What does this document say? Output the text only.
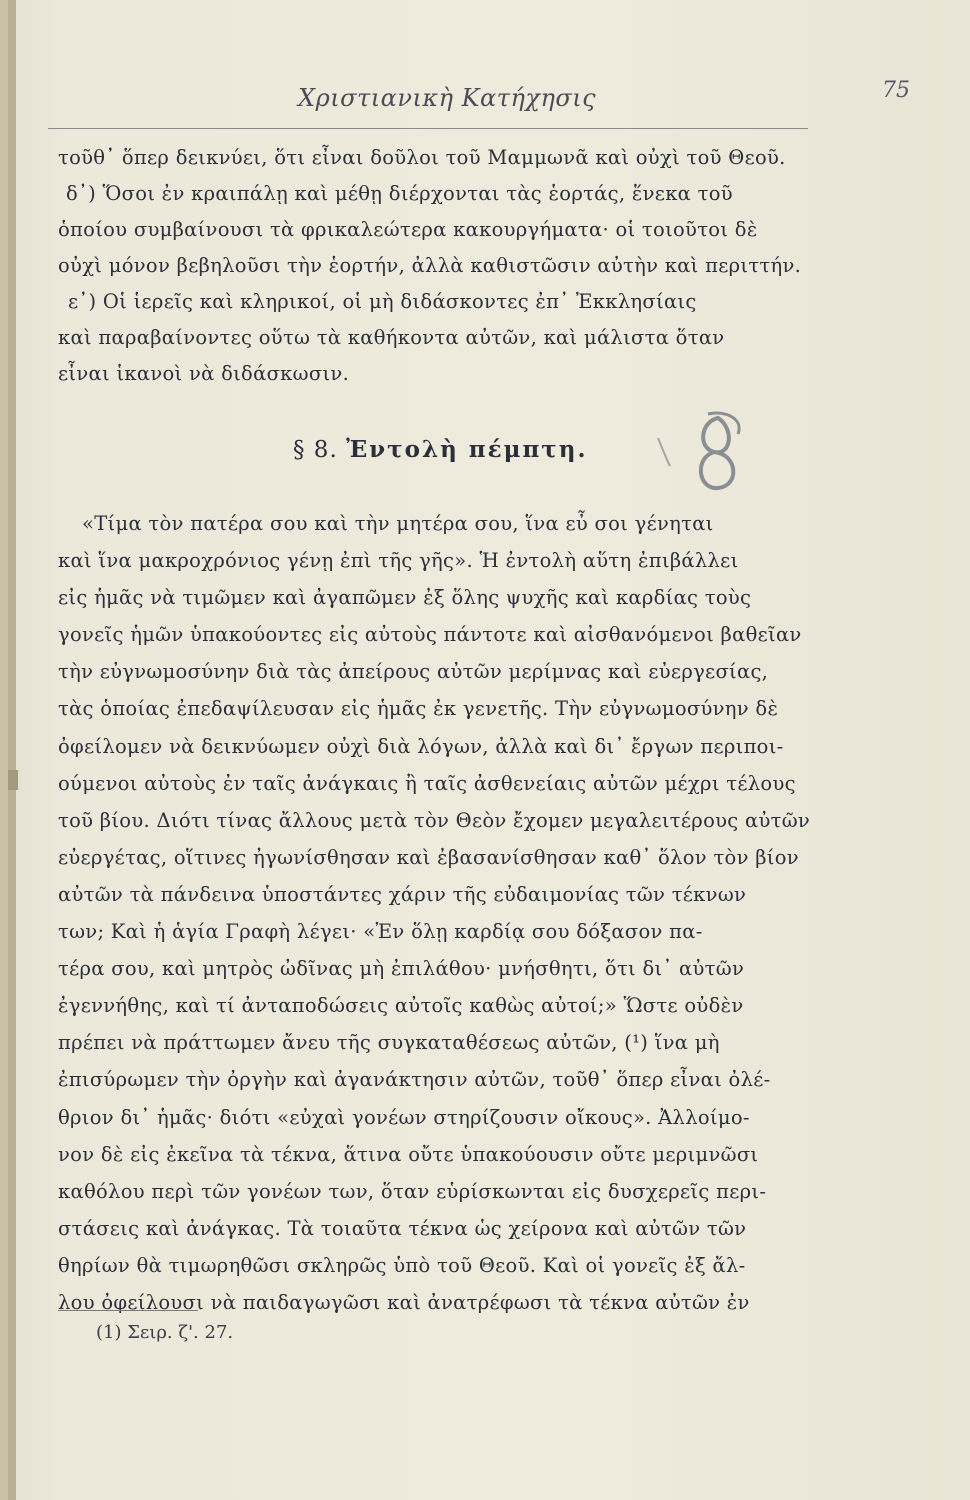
Χριστιανικὴ Κατήχησις	75

τοῦθ᾽ ὅπερ δεικνύει, ὅτι εἶναι δοῦλοι τοῦ Μαμμωνᾶ καὶ οὐχὶ τοῦ Θεοῦ.

δ᾽) Ὅσοι ἐν κραιπάλῃ καὶ μέθῃ διέρχονται τὰς ἑορτάς, ἕνεκα τοῦ

ὁποίου συμβαίνουσι τὰ φρικαλεώτερα κακουργήματα· οἱ τοιοῦτοι δὲ

οὐχὶ μόνον βεβηλοῦσι τὴν ἑορτήν, ἀλλὰ καθιστῶσιν αὐτὴν καὶ περιττήν.

ε᾽) Οἱ ἱερεῖς καὶ κληρικοί, οἱ μὴ διδάσκοντες ἐπ᾽ Ἐκκλησίαις

καὶ παραβαίνοντες οὕτω τὰ καθήκοντα αὐτῶν, καὶ μάλιστα ὅταν

εἶναι ἱκανοὶ νὰ διδάσκωσιν.

§ 8. Ἐντολὴ πέμπτη.

«Τίμα τὸν πατέρα σου καὶ τὴν μητέρα σου, ἵνα εὖ σοι γένηται

καὶ ἵνα μακροχρόνιος γένῃ ἐπὶ τῆς γῆς». Ἡ ἐντολὴ αὕτη ἐπιβάλλει

εἰς ἡμᾶς νὰ τιμῶμεν καὶ ἀγαπῶμεν ἐξ ὅλης ψυχῆς καὶ καρδίας τοὺς

γονεῖς ἡμῶν ὑπακούοντες εἰς αὐτοὺς πάντοτε καὶ αἰσθανόμενοι βαθεῖαν

τὴν εὐγνωμοσύνην διὰ τὰς ἀπείρους αὐτῶν μερίμνας καὶ εὐεργεσίας,

τὰς ὁποίας ἐπεδαψίλευσαν εἰς ἡμᾶς ἐκ γενετῆς. Τὴν εὐγνωμοσύνην δὲ

ὀφείλομεν νὰ δεικνύωμεν οὐχὶ διὰ λόγων, ἀλλὰ καὶ δι᾽ ἔργων περιποι-

ούμενοι αὐτοὺς ἐν ταῖς ἀνάγκαις ἢ ταῖς ἀσθενείαις αὐτῶν μέχρι τέλους

τοῦ βίου. Διότι τίνας ἄλλους μετὰ τὸν Θεὸν ἔχομεν μεγαλειτέρους αὐτῶν

εὐεργέτας, οἵτινες ἠγωνίσθησαν καὶ ἐβασανίσθησαν καθ᾽ ὅλον τὸν βίον

αὐτῶν τὰ πάνδεινα ὑποστάντες χάριν τῆς εὐδαιμονίας τῶν τέκνων

των; Καὶ ἡ ἁγία Γραφὴ λέγει· «Ἐν ὅλῃ καρδίᾳ σου δόξασον πα-

τέρα σου, καὶ μητρὸς ὠδῖνας μὴ ἐπιλάθου· μνήσθητι, ὅτι δι᾽ αὐτῶν

ἐγεννήθης, καὶ τί ἀνταποδώσεις αὐτοῖς καθὼς αὐτοί;» Ὥστε οὐδὲν

πρέπει νὰ πράττωμεν ἄνευ τῆς συγκαταθέσεως αὐτῶν, (¹) ἵνα μὴ

ἐπισύρωμεν τὴν ὀργὴν καὶ ἀγανάκτησιν αὐτῶν, τοῦθ᾽ ὅπερ εἶναι ὀλέ-

θριον δι᾽ ἡμᾶς· διότι «εὐχαὶ γονέων στηρίζουσιν οἴκους». Ἀλλοίμο-

νον δὲ εἰς ἐκεῖνα τὰ τέκνα, ἅτινα οὔτε ὑπακούουσιν οὔτε μεριμνῶσι

καθόλου περὶ τῶν γονέων των, ὅταν εὑρίσκωνται εἰς δυσχερεῖς περι-

στάσεις καὶ ἀνάγκας. Τὰ τοιαῦτα τέκνα ὡς χείρονα καὶ αὐτῶν τῶν

θηρίων θὰ τιμωρηθῶσι σκληρῶς ὑπὸ τοῦ Θεοῦ. Καὶ οἱ γονεῖς ἐξ ἄλ-

λου ὀφείλουσι νὰ παιδαγωγῶσι καὶ ἀνατρέφωσι τὰ τέκνα αὐτῶν ἐν

(1) Σειρ. ζ'. 27.
